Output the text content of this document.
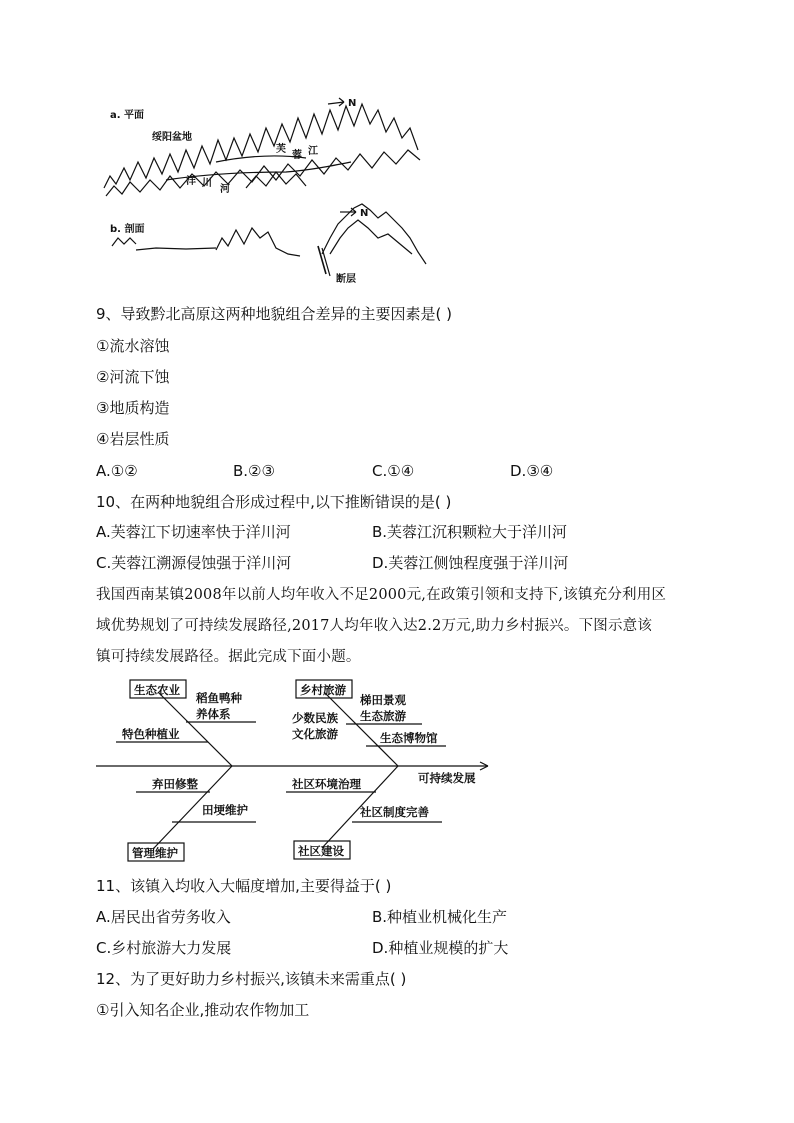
a. 平面
绥阳盆地
洋 川
河
芙
蓉 江
N
b. 剖面
N
断层
9、导致黔北高原这两种地貌组合差异的主要因素是( )
①流水溶蚀
②河流下蚀
③地质构造
④岩层性质
A.①②	B.②③	C.①④	D.③④
10、在两种地貌组合形成过程中,以下推断错误的是( )
A.芙蓉江下切速率快于洋川河	B.芙蓉江沉积颗粒大于洋川河
C.芙蓉江溯源侵蚀强于洋川河	D.芙蓉江侧蚀程度强于洋川河
我国西南某镇2008年以前人均年收入不足2000元,在政策引领和支持下,该镇充分利用区
域优势规划了可持续发展路径,2017人均年收入达2.2万元,助力乡村振兴。下图示意该
镇可持续发展路径。据此完成下面小题。
生态农业	乡村旅游
管理维护	社区建设
稻鱼鸭种
养体系
特色种植业
梯田景观
生态旅游
少数民族
文化旅游	生态博物馆
可持续发展
弃田修整
田埂维护
社区环境治理
社区制度完善
11、该镇入均收入大幅度增加,主要得益于( )
A.居民出省劳务收入	B.种植业机械化生产
C.乡村旅游大力发展	D.种植业规模的扩大
12、为了更好助力乡村振兴,该镇未来需重点( )
①引入知名企业,推动农作物加工
